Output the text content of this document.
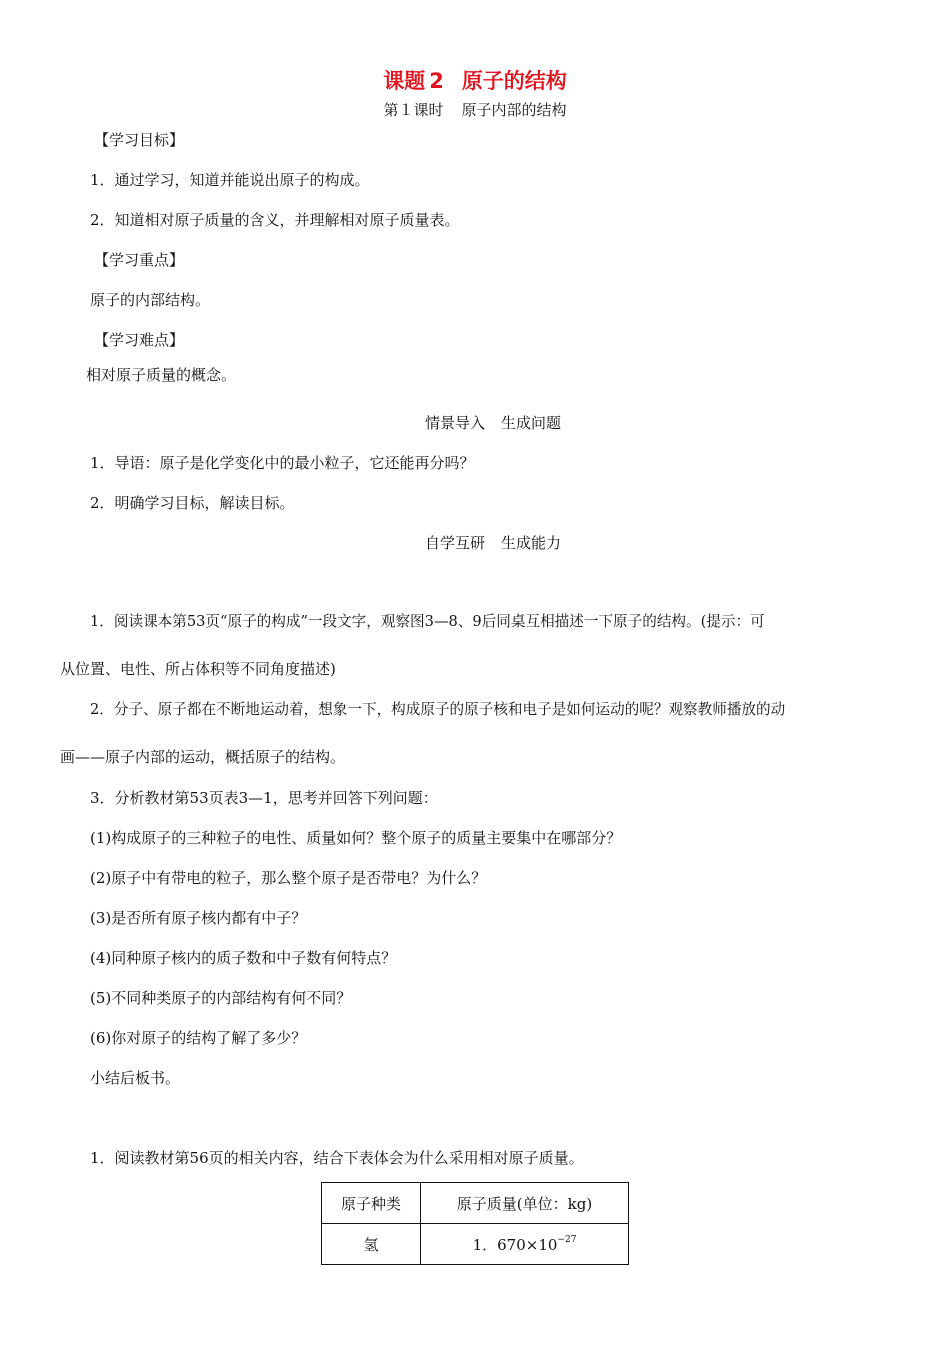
课题 2 原子的结构
第１课时 原子内部的结构
【学习目标】
1．通过学习，知道并能说出原子的构成。
2．知道相对原子质量的含义，并理解相对原子质量表。
【学习重点】
原子的内部结构。
【学习难点】
相对原子质量的概念。
情景导入 生成问题
1．导语：原子是化学变化中的最小粒子，它还能再分吗？
2．明确学习目标，解读目标。
自学互研 生成能力
1．阅读课本第53页“原子的构成”一段文字，观察图3—8、9后同桌互相描述一下原子的结构。(提示：可
从位置、电性、所占体积等不同角度描述)
2．分子、原子都在不断地运动着，想象一下，构成原子的原子核和电子是如何运动的呢？观察教师播放的动
画——原子内部的运动，概括原子的结构。
3．分析教材第53页表3—1，思考并回答下列问题：
(1)构成原子的三种粒子的电性、质量如何？整个原子的质量主要集中在哪部分？
(2)原子中有带电的粒子，那么整个原子是否带电？为什么？
(3)是否所有原子核内都有中子？
(4)同种原子核内的质子数和中子数有何特点？
(5)不同种类原子的内部结构有何不同？
(6)你对原子的结构了解了多少？
小结后板书。
1．阅读教材第56页的相关内容，结合下表体会为什么采用相对原子质量。
原子种类	原子质量(单位：kg)
氢	1．$670\times 10^{-27}$
